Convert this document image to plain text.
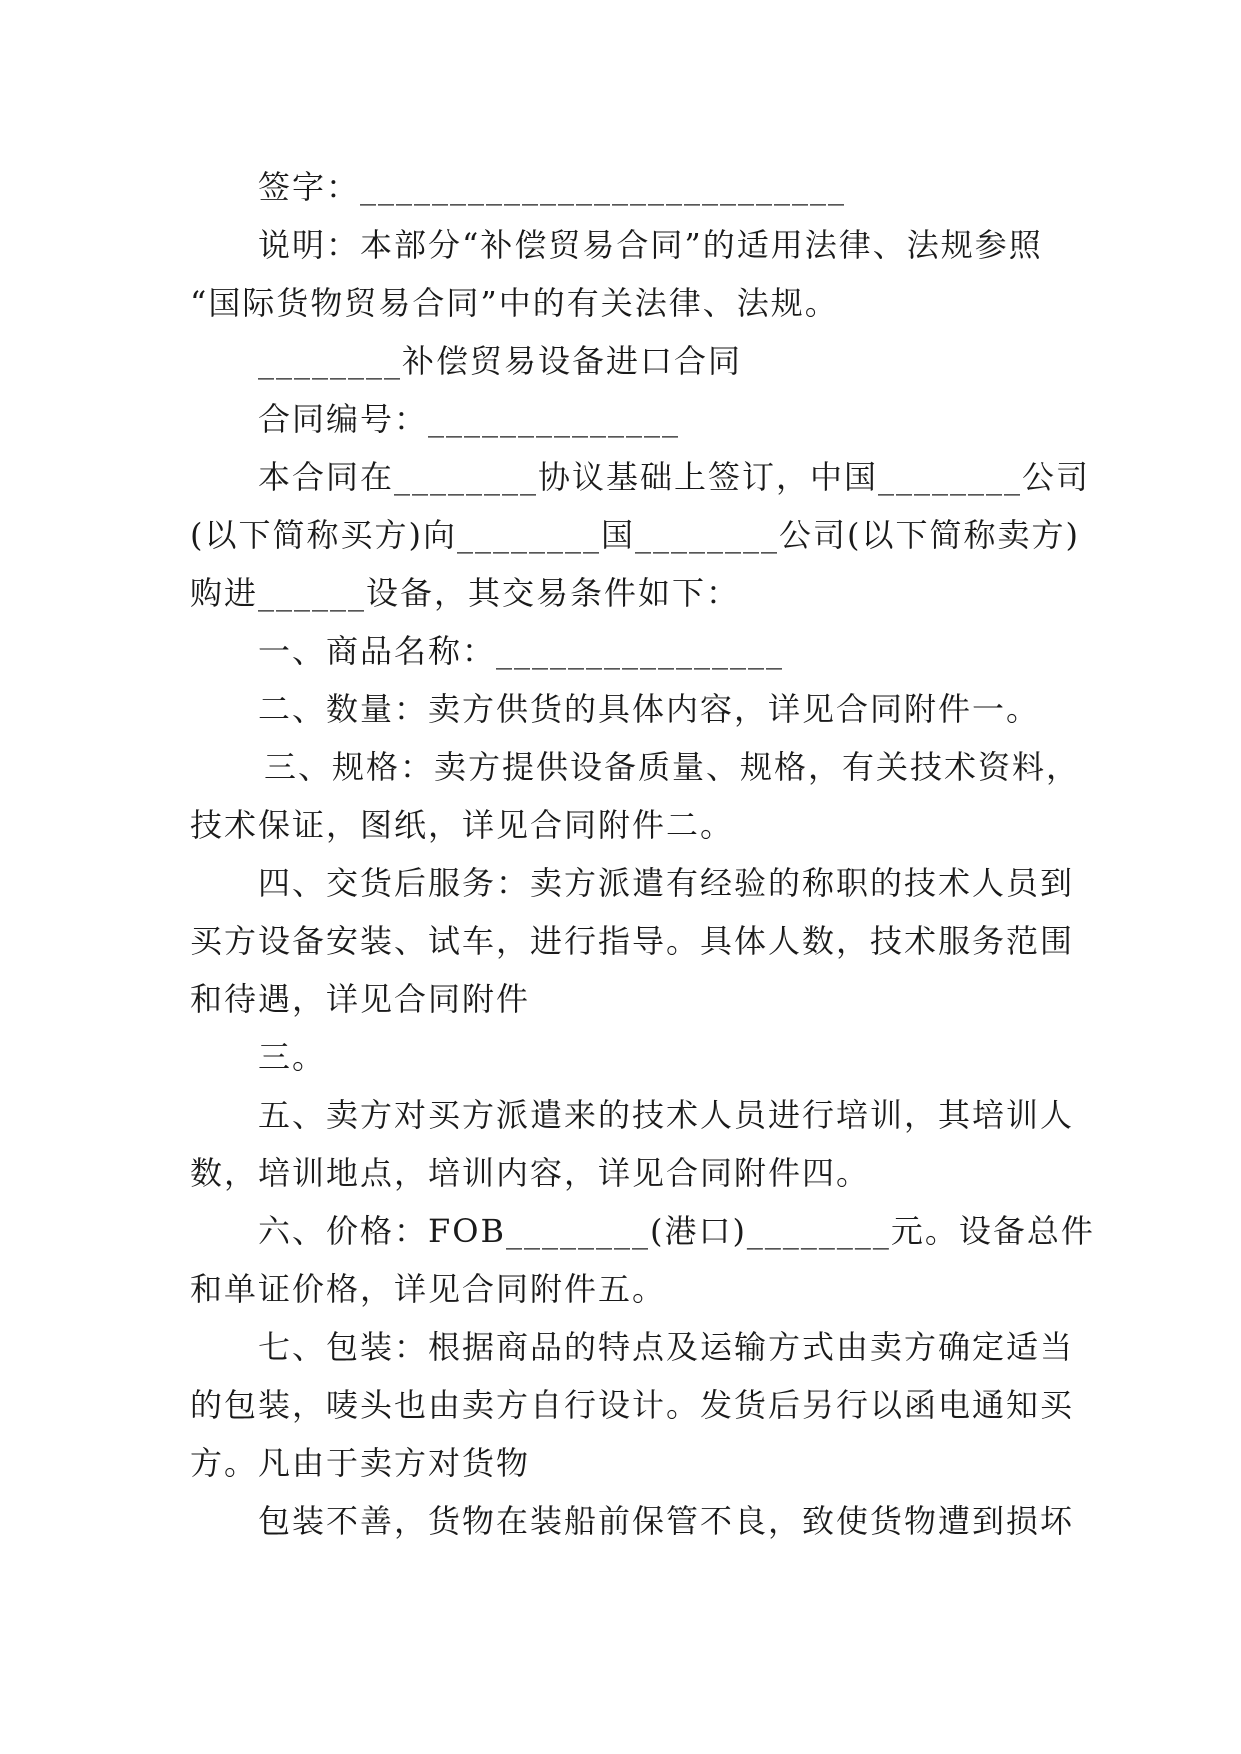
签字：___________________________
说明：本部分“补偿贸易合同”的适用法律、法规参照
“国际货物贸易合同”中的有关法律、法规。
________补偿贸易设备进口合同
合同编号：______________
本合同在________协议基础上签订，中国________公司
(以下简称买方)向________国________公司(以下简称卖方)
购进______设备，其交易条件如下：
一、商品名称：________________
二、数量：卖方供货的具体内容，详见合同附件一。
三、规格：卖方提供设备质量、规格，有关技术资料，
技术保证，图纸，详见合同附件二。
四、交货后服务：卖方派遣有经验的称职的技术人员到
买方设备安装、试车，进行指导。具体人数，技术服务范围
和待遇，详见合同附件
三。
五、卖方对买方派遣来的技术人员进行培训，其培训人
数，培训地点，培训内容，详见合同附件四。
六、价格：FOB________(港口)________元。设备总件
和单证价格，详见合同附件五。
七、包装：根据商品的特点及运输方式由卖方确定适当
的包装，唛头也由卖方自行设计。发货后另行以函电通知买
方。凡由于卖方对货物
包装不善，货物在装船前保管不良，致使货物遭到损坏
